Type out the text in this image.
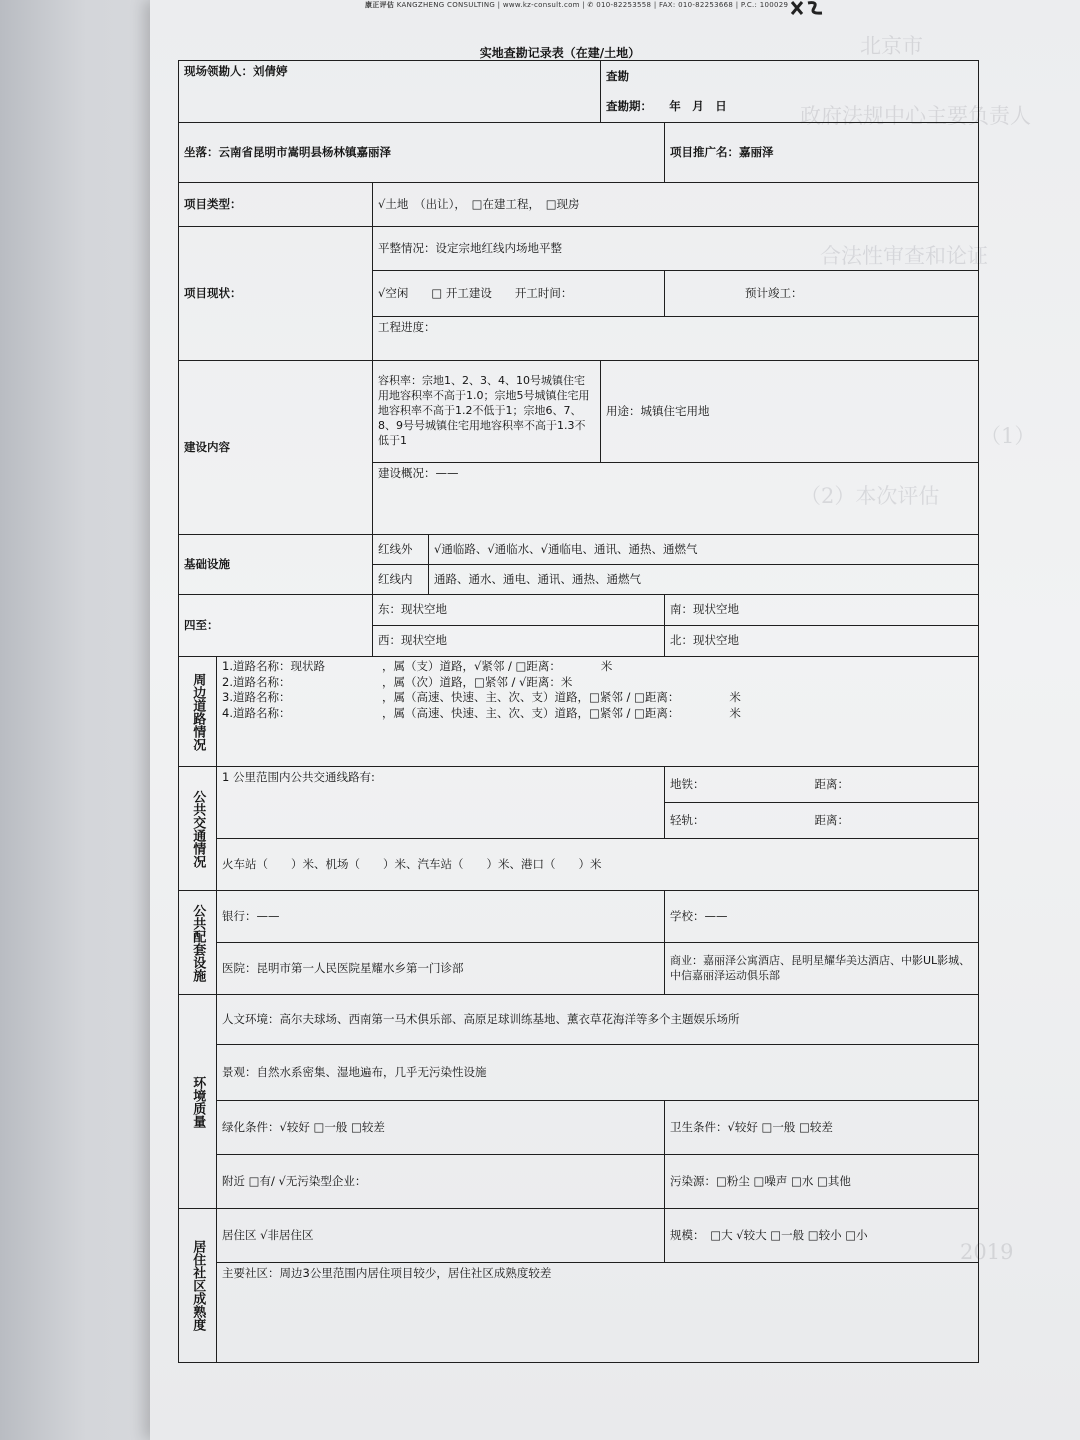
康正评估 KANGZHENG CONSULTING | www.kz-consult.com | ✆ 010-82253558 | FAX: 010-82253668 | P.C.: 100029
北京市
政府法规中心主要负责人
合法性审查和论证
（1）
（2）本次评估
2019
实地查勘记录表（在建/土地）
现场领勘人：刘倩婷				查勘
查勘期：　　 年　月　日	

坐落：云南省昆明市嵩明县杨林镇嘉丽泽					项目推广名：嘉丽泽
项目类型：		√土地　（出让），　□在建工程，　□现房			
项目现状：		平整情况：设定宗地红线内场地平整			
		√空闲　　□ 开工建设　　开工时间：			预计竣工：
		工程进度：			
建设内容		容积率：宗地1、2、3、4、10号城镇住宅用地容积率不高于1.0；宗地5号城镇住宅用地容积率不高于1.2不低于1；宗地6、7、8、9号号城镇住宅用地容积率不高于1.3不低于1		用途：城镇住宅用地	
		建设概况：——			
基础设施		红线外	√通临路、√通临水、√通临电、通讯、通热、通燃气		
		红线内	通路、通水、通电、通讯、通热、通燃气		
四至：		东：现状空地			南：现状空地
		西：现状空地			北：现状空地
周边道路情况	1.道路名称：现状路 ，属（支）道路，√紧邻 / □距离： 米
2.道路名称： ，属（次）道路，□紧邻 / √距离：米
3.道路名称： ，属（高速、快速、主、次、支）道路，□紧邻 / □距离： 米
4.道路名称： ，属（高速、快速、主、次、支）道路，□紧邻 / □距离： 米				

公共交通情况	1 公里范围内公共交通线路有:				地铁： 距离：
					轻轨： 距离：
	火车站（　　）米、机场（　　）米、汽车站（　　）米、港口（　　）米				
公共配套设施	银行：——				学校：——
	医院：昆明市第一人民医院星耀水乡第一门诊部				商业：嘉丽泽公寓酒店、昆明星耀华美达酒店、中影UL影城、中信嘉丽泽运动俱乐部
环境质量	人文环境：高尔夫球场、西南第一马术俱乐部、高原足球训练基地、薰衣草花海洋等多个主题娱乐场所				
	景观：自然水系密集、湿地遍布，几乎无污染性设施				
	绿化条件：√较好 □一般 □较差				卫生条件：√较好 □一般 □较差
	附近 □有/ √无污染型企业：				污染源：□粉尘 □噪声 □水 □其他
居住社区成熟度	居住区 √非居住区				规模：　□大 √较大 □一般 □较小 □小
	主要社区：周边3公里范围内居住项目较少，居住社区成熟度较差				
